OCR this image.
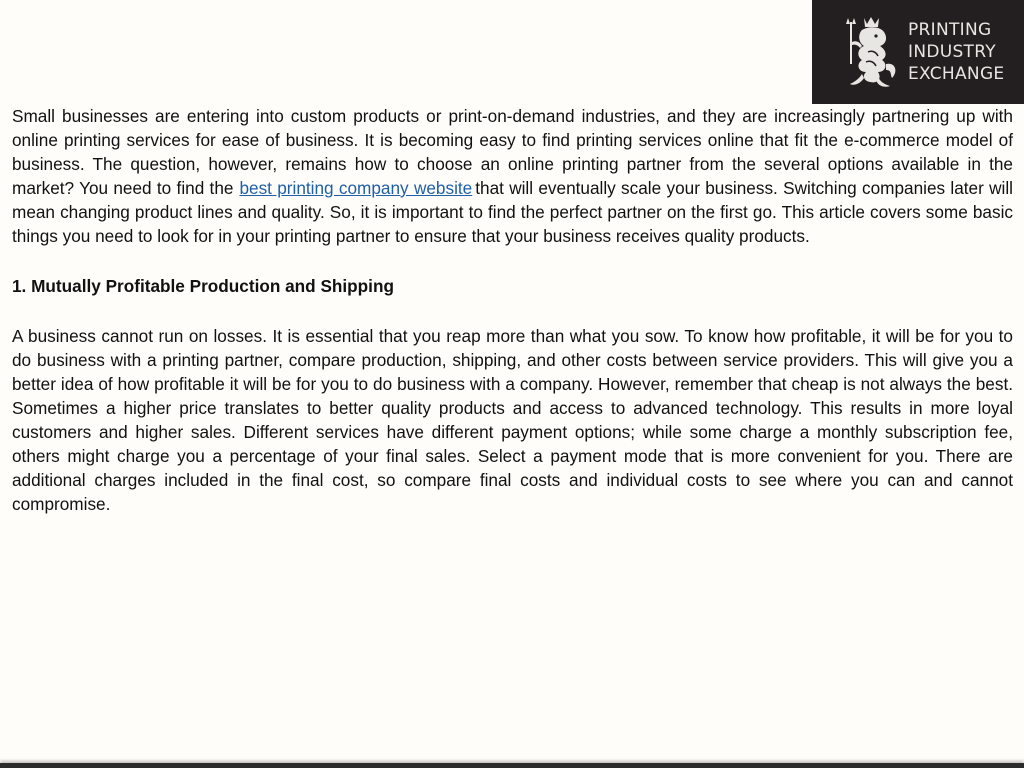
PRINTING
INDUSTRY
EXCHANGE

Small businesses are entering into custom products or print-on-demand industries, and they are increasingly partnering up with online printing services for ease of business. It is becoming easy to find printing services online that fit the e-commerce model of business. The question, however, remains how to choose an online printing partner from the several options available in the market? You need to find the best printing company website that will eventually scale your business. Switching companies later will mean changing product lines and quality. So, it is important to find the perfect partner on the first go. This article covers some basic things you need to look for in your printing partner to ensure that your business receives quality products.

1. Mutually Profitable Production and Shipping

A business cannot run on losses. It is essential that you reap more than what you sow. To know how profitable, it will be for you to do business with a printing partner, compare production, shipping, and other costs between service providers. This will give you a better idea of how profitable it will be for you to do business with a company. However, remember that cheap is not always the best. Sometimes a higher price translates to better quality products and access to advanced technology. This results in more loyal customers and higher sales. Different services have different payment options; while some charge a monthly subscription fee, others might charge you a percentage of your final sales. Select a payment mode that is more convenient for you. There are additional charges included in the final cost, so compare final costs and individual costs to see where you can and cannot compromise.
